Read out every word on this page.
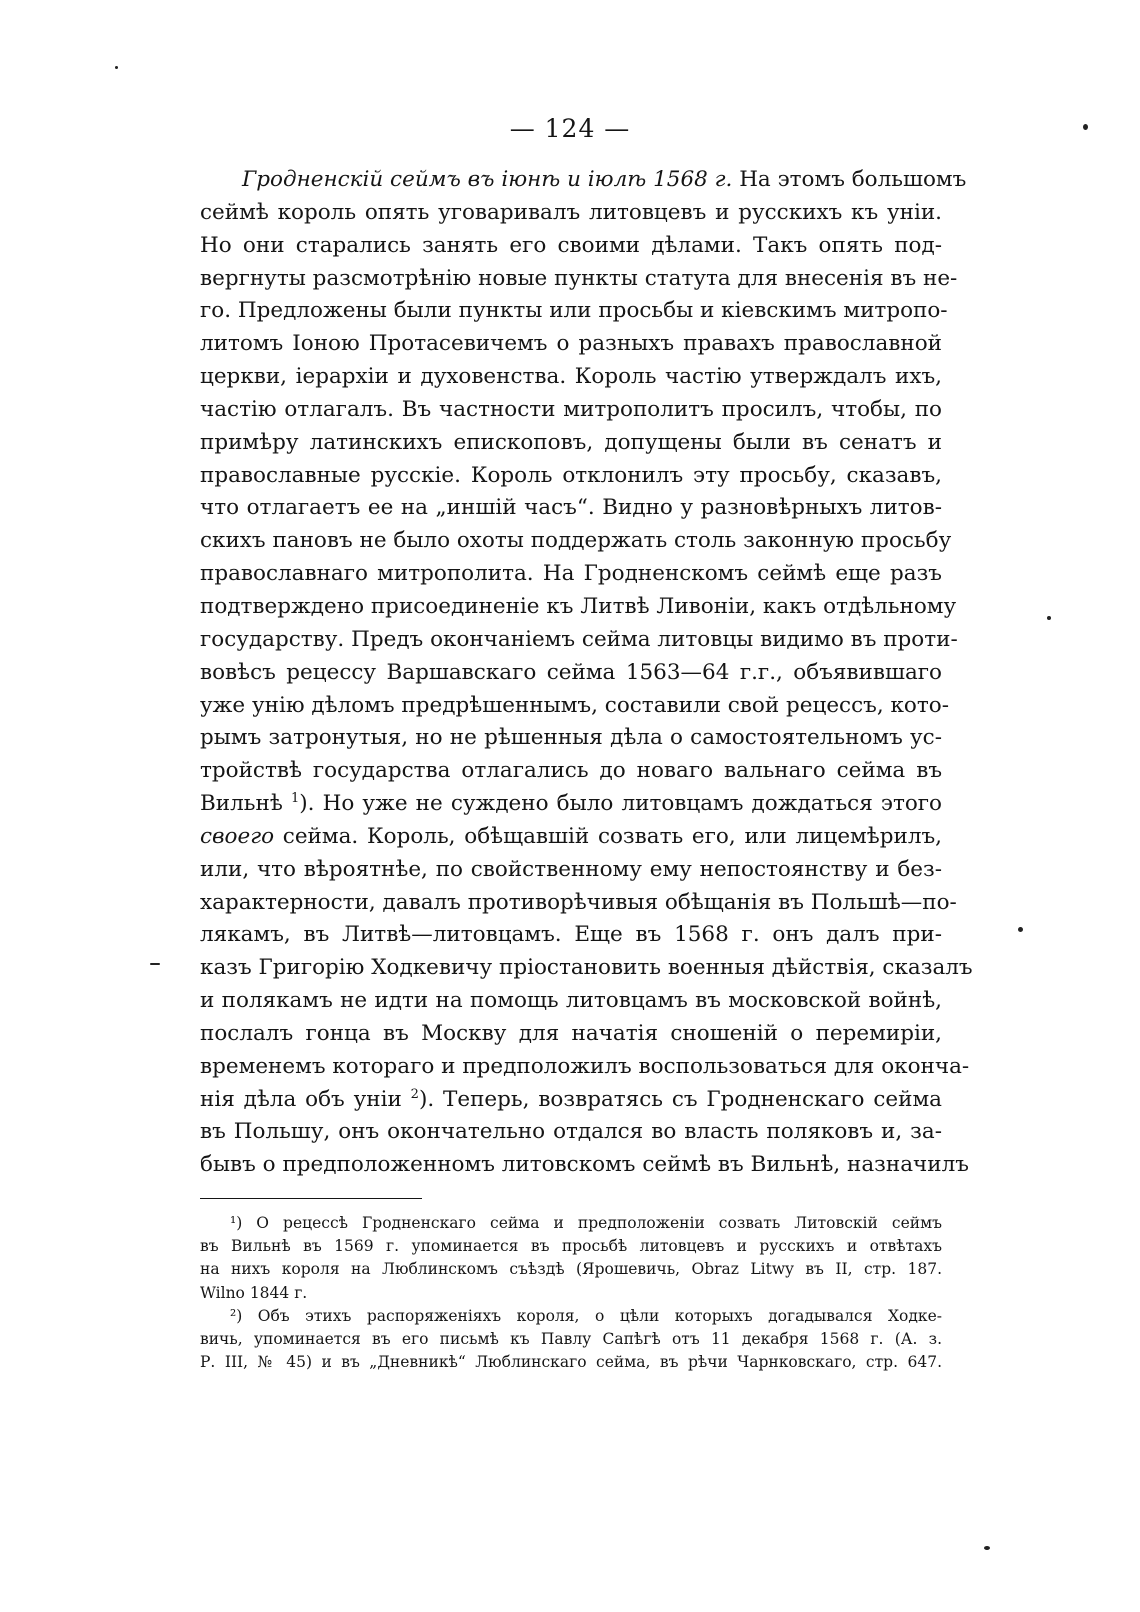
— 124 —
Гродненскій сеймъ въ іюнѣ и іюлѣ 1568 г. На этомъ большомъ
сеймѣ король опять уговаривалъ литовцевъ и русскихъ къ уніи.
Но они старались занять его своими дѣлами. Такъ опять под-
вергнуты разсмотрѣнію новые пункты статута для внесенія въ не-
го. Предложены были пункты или просьбы и кіевскимъ митропо-
литомъ Іоною Протасевичемъ о разныхъ правахъ православной
церкви, іерархіи и духовенства. Король частію утверждалъ ихъ,
частію отлагалъ. Въ частности митрополитъ просилъ, чтобы, по
примѣру латинскихъ епископовъ, допущены были въ сенатъ и
православные русскіе. Король отклонилъ эту просьбу, сказавъ,
что отлагаетъ ее на „иншій часъ“. Видно у разновѣрныхъ литов-
скихъ пановъ не было охоты поддержать столь законную просьбу
православнаго митрополита. На Гродненскомъ сеймѣ еще разъ
подтверждено присоединеніе къ Литвѣ Ливоніи, какъ отдѣльному
государству. Предъ окончаніемъ сейма литовцы видимо въ проти-
вовѣсъ рецессу Варшавскаго сейма 1563—64 г.г., объявившаго
уже унію дѣломъ предрѣшеннымъ, составили свой рецессъ, кото-
рымъ затронутыя, но не рѣшенныя дѣла о самостоятельномъ ус-
тройствѣ государства отлагались до новаго вальнаго сейма въ
Вильнѣ $^1$). Но уже не суждено было литовцамъ дождаться этого
своего сейма. Король, обѣщавшій созвать его, или лицемѣрилъ,
или, что вѣроятнѣе, по свойственному ему непостоянству и без-
характерности, давалъ противорѣчивыя обѣщанія въ Польшѣ—по-
лякамъ, въ Литвѣ—литовцамъ. Еще въ 1568 г. онъ далъ при-
казъ Григорію Ходкевичу пріостановить военныя дѣйствія, сказалъ
и полякамъ не идти на помощь литовцамъ въ московской войнѣ,
послалъ гонца въ Москву для начатія сношеній о перемиріи,
временемъ котораго и предположилъ воспользоваться для оконча-
нія дѣла объ уніи $^2$). Теперь, возвратясь съ Гродненскаго сейма
въ Польшу, онъ окончательно отдался во власть поляковъ и, за-
бывъ о предположенномъ литовскомъ сеймѣ въ Вильнѣ, назначилъ
¹) О рецессѣ Гродненскаго сейма и предположеніи созвать Литовскій сеймъ
въ Вильнѣ въ 1569 г. упоминается въ просьбѣ литовцевъ и русскихъ и отвѣтахъ
на нихъ короля на Люблинскомъ съѣздѣ (Ярошевичь, Obraz Litwy въ II, стр. 187.
Wilno 1844 г.
²) Объ этихъ распоряженіяхъ короля, о цѣли которыхъ догадывался Ходке-
вичь, упоминается въ его письмѣ къ Павлу Сапѣгѣ отъ 11 декабря 1568 г. (А. з.
Р. III, № 45) и въ „Дневникѣ“ Люблинскаго сейма, въ рѣчи Чарнковскаго, стр. 647.
